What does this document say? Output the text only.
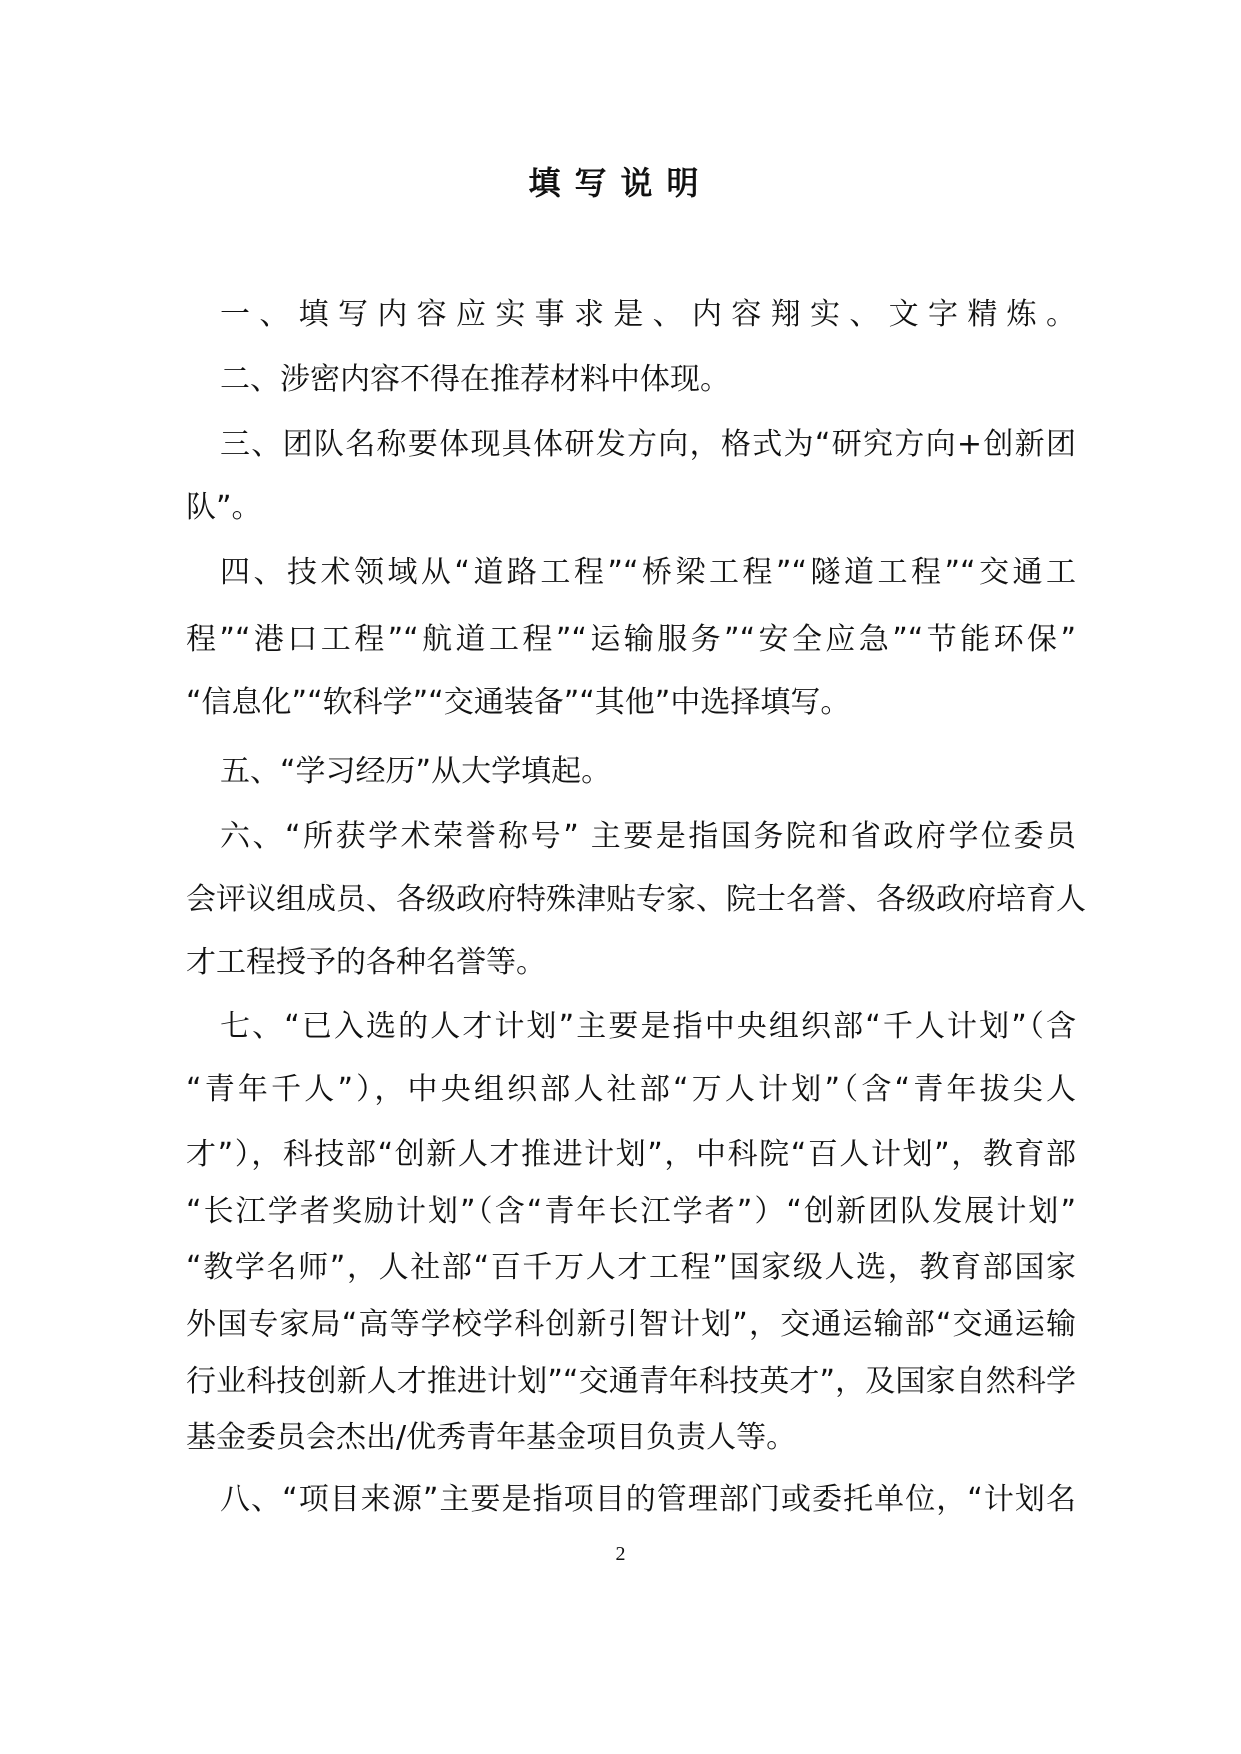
填写说明
一、填写内容应实事求是、内容翔实、文字精炼。
二、涉密内容不得在推荐材料中体现。
三、团队名称要体现具体研发方向，格式为“研究方向+创新团
队”。
四、技术领域从“道路工程”“桥梁工程”“隧道工程”“交通工
程”“港口工程”“航道工程”“运输服务”“安全应急”“节能环保”
“信息化”“软科学”“交通装备”“其他”中选择填写。
五、“学习经历”从大学填起。
六、“所获学术荣誉称号” 主要是指国务院和省政府学位委员
会评议组成员、各级政府特殊津贴专家、院士名誉、各级政府培育人
才工程授予的各种名誉等。
七、“已入选的人才计划”主要是指中央组织部“千人计划”（含
“青年千人”），中央组织部人社部“万人计划”（含“青年拔尖人
才”），科技部“创新人才推进计划”，中科院“百人计划”，教育部
“长江学者奖励计划”（含“青年长江学者”）“创新团队发展计划”
“教学名师”，人社部“百千万人才工程”国家级人选，教育部国家
外国专家局“高等学校学科创新引智计划”，交通运输部“交通运输
行业科技创新人才推进计划”“交通青年科技英才”，及国家自然科学
基金委员会杰出/优秀青年基金项目负责人等。
八、“项目来源”主要是指项目的管理部门或委托单位，“计划名
2
